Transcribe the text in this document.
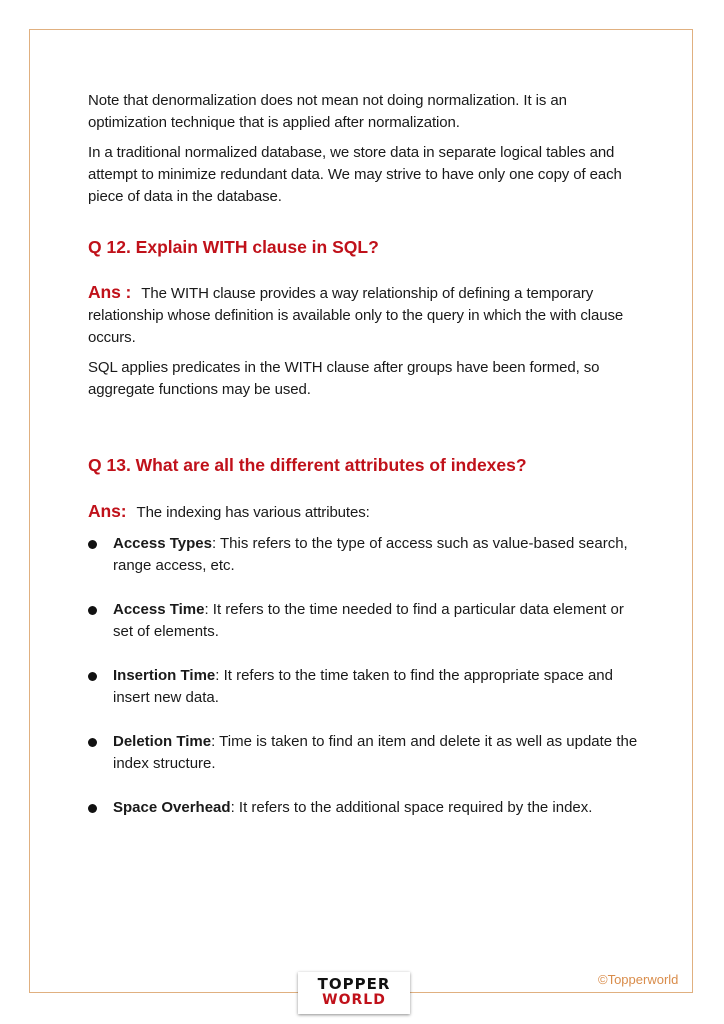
Note that denormalization does not mean not doing normalization. It is an optimization technique that is applied after normalization.

In a traditional normalized database, we store data in separate logical tables and attempt to minimize redundant data. We may strive to have only one copy of each piece of data in the database.

Q 12. Explain WITH clause in SQL?

Ans : The WITH clause provides a way relationship of defining a temporary relationship whose definition is available only to the query in which the with clause occurs.

SQL applies predicates in the WITH clause after groups have been formed, so aggregate functions may be used.

Q 13. What are all the different attributes of indexes?

Ans: The indexing has various attributes:

Access Types: This refers to the type of access such as value-based search, range access, etc.
Access Time: It refers to the time needed to find a particular data element or set of elements.
Insertion Time: It refers to the time taken to find the appropriate space and insert new data.
Deletion Time: Time is taken to find an item and delete it as well as update the index structure.
Space Overhead: It refers to the additional space required by the index.
TOPPER
WORLD
©Topperworld
